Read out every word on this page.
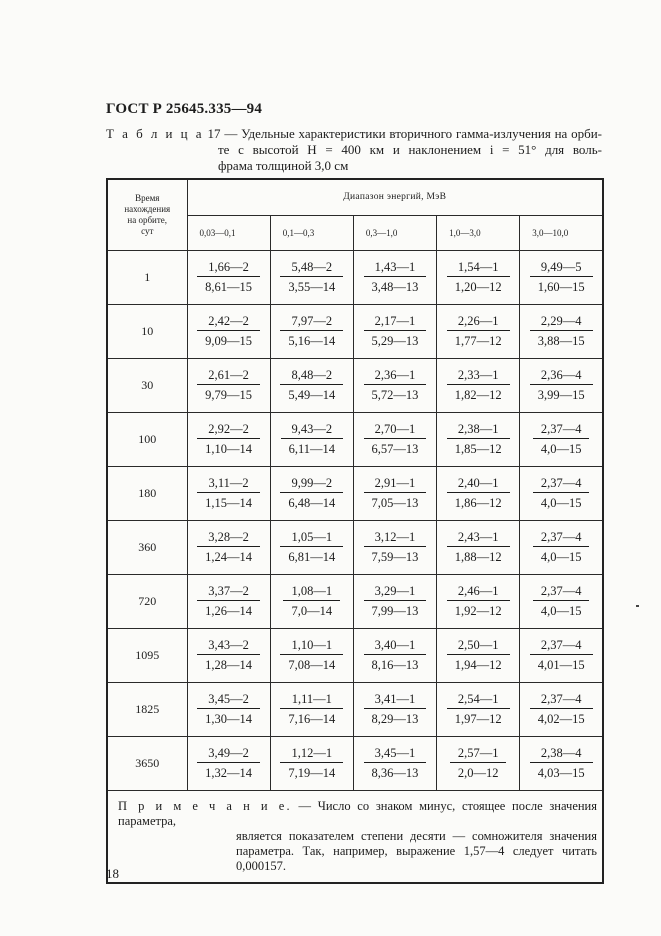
ГОСТ Р 25645.335—94
Т а б л и ц а 17 — Удельные характеристики вторичного гамма-излучения на орби-
те с высотой H = 400 км и наклонением i = 51° для воль-
фрама толщиной 3,0 см
Время
нахождения
на орбите,
сут	Диапазон энергий, МэВ				
	0,03—0,1	0,1—0,3	0,3—1,0	1,0—3,0	3,0—10,0
1	$\frac{1,66—2}{8,61—15}$	$\frac{5,48—2}{3,55—14}$	$\frac{1,43—1}{3,48—13}$	$\frac{1,54—1}{1,20—12}$	$\frac{9,49—5}{1,60—15}$

10	$\frac{2,42—2}{9,09—15}$	$\frac{7,97—2}{5,16—14}$	$\frac{2,17—1}{5,29—13}$	$\frac{2,26—1}{1,77—12}$	$\frac{2,29—4}{3,88—15}$

30	$\frac{2,61—2}{9,79—15}$	$\frac{8,48—2}{5,49—14}$	$\frac{2,36—1}{5,72—13}$	$\frac{2,33—1}{1,82—12}$	$\frac{2,36—4}{3,99—15}$

100	$\frac{2,92—2}{1,10—14}$	$\frac{9,43—2}{6,11—14}$	$\frac{2,70—1}{6,57—13}$	$\frac{2,38—1}{1,85—12}$	$\frac{2,37—4}{4,0—15}$

180	$\frac{3,11—2}{1,15—14}$	$\frac{9,99—2}{6,48—14}$	$\frac{2,91—1}{7,05—13}$	$\frac{2,40—1}{1,86—12}$	$\frac{2,37—4}{4,0—15}$

360	$\frac{3,28—2}{1,24—14}$	$\frac{1,05—1}{6,81—14}$	$\frac{3,12—1}{7,59—13}$	$\frac{2,43—1}{1,88—12}$	$\frac{2,37—4}{4,0—15}$

720	$\frac{3,37—2}{1,26—14}$	$\frac{1,08—1}{7,0—14}$	$\frac{3,29—1}{7,99—13}$	$\frac{2,46—1}{1,92—12}$	$\frac{2,37—4}{4,0—15}$

1095	$\frac{3,43—2}{1,28—14}$	$\frac{1,10—1}{7,08—14}$	$\frac{3,40—1}{8,16—13}$	$\frac{2,50—1}{1,94—12}$	$\frac{2,37—4}{4,01—15}$

1825	$\frac{3,45—2}{1,30—14}$	$\frac{1,11—1}{7,16—14}$	$\frac{3,41—1}{8,29—13}$	$\frac{2,54—1}{1,97—12}$	$\frac{2,37—4}{4,02—15}$

3650	$\frac{3,49—2}{1,32—14}$	$\frac{1,12—1}{7,19—14}$	$\frac{3,45—1}{8,36—13}$	$\frac{2,57—1}{2,0—12}$	$\frac{2,38—4}{4,03—15}$

П р и м е ч а н и е. — Число со знаком минус, стоящее после значения параметра,
является показателем степени десяти — сомножителя значения параметра. Так, например, выражение 1,57—4 следует читать 0,000157.					
18
